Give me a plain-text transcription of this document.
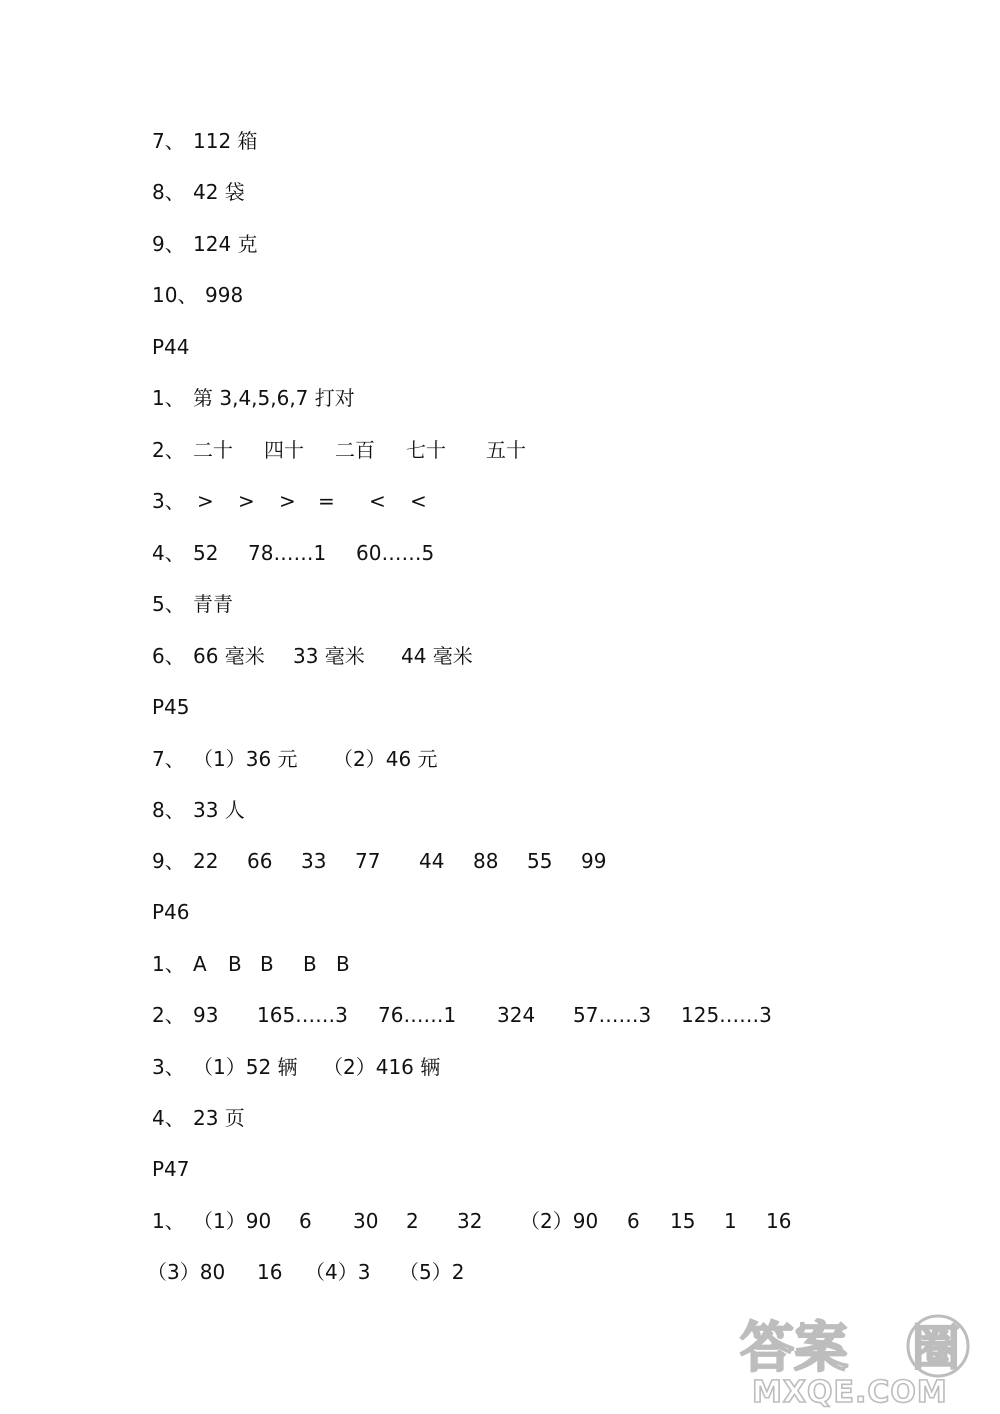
7、 112 箱
8、 42 袋
9、 124 克
10、 998
P44
1、 第 3,4,5,6,7 打对
2、 二十 四十 二百 七十 五十
3、 > > > = < <
4、 52 78……1 60……5
5、 青青
6、 66 毫米 33 毫米 44 毫米
P45
7、 （1）36 元 （2）46 元
8、 33 人
9、 22 66 33 77 44 88 55 99
P46
1、 A B B B B
2、 93 165……3 76……1 324 57……3 125……3
3、 （1）52 辆 （2）416 辆
4、 23 页
P47
1、 （1）90 6 30 2 32 （2）90 6 15 1 16
（3）80 16 （4）3 （5）2
答案 圈
MXQE.COM
